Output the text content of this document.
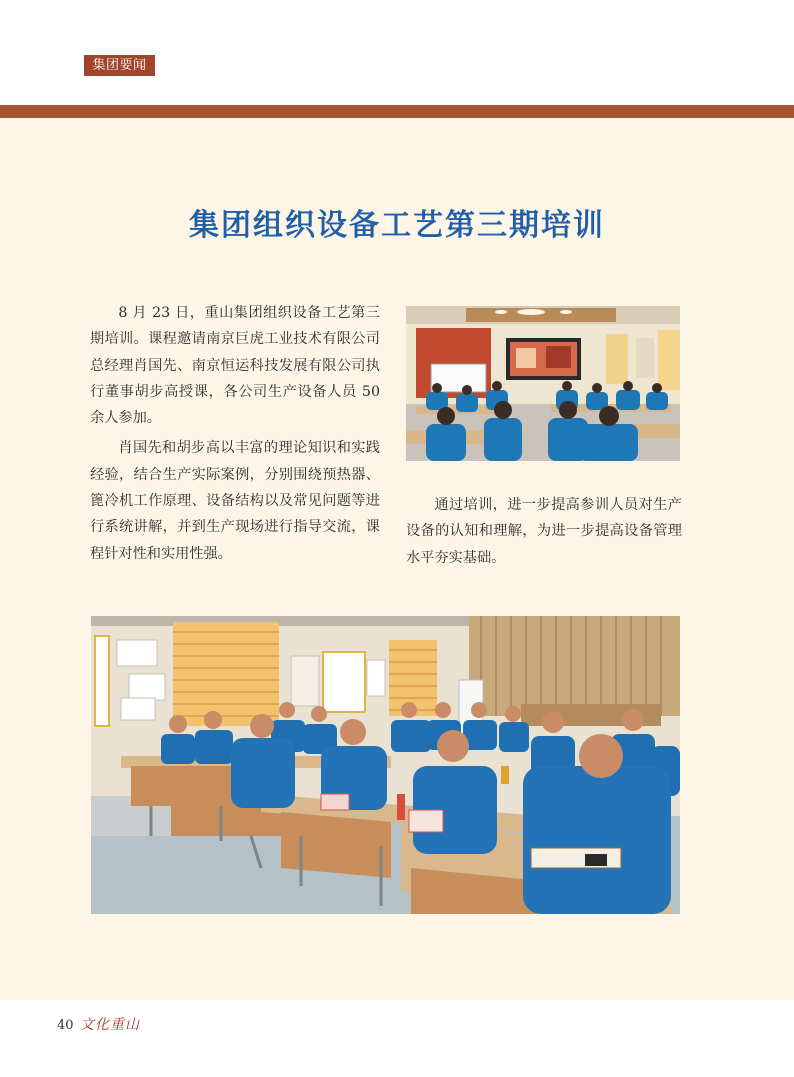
集团要闻
集团组织设备工艺第三期培训

8 月 23 日，重山集团组织设备工艺第三期培训。课程邀请南京巨虎工业技术有限公司总经理肖国先、南京恒运科技发展有限公司执行董事胡步高授课，各公司生产设备人员 50 余人参加。

肖国先和胡步高以丰富的理论知识和实践经验，结合生产实际案例，分别围绕预热器、篦冷机工作原理、设备结构以及常见问题等进行系统讲解，并到生产现场进行指导交流，课程针对性和实用性强。

通过培训，进一步提高参训人员对生产设备的认知和理解，为进一步提高设备管理水平夯实基础。

40 文化重山
